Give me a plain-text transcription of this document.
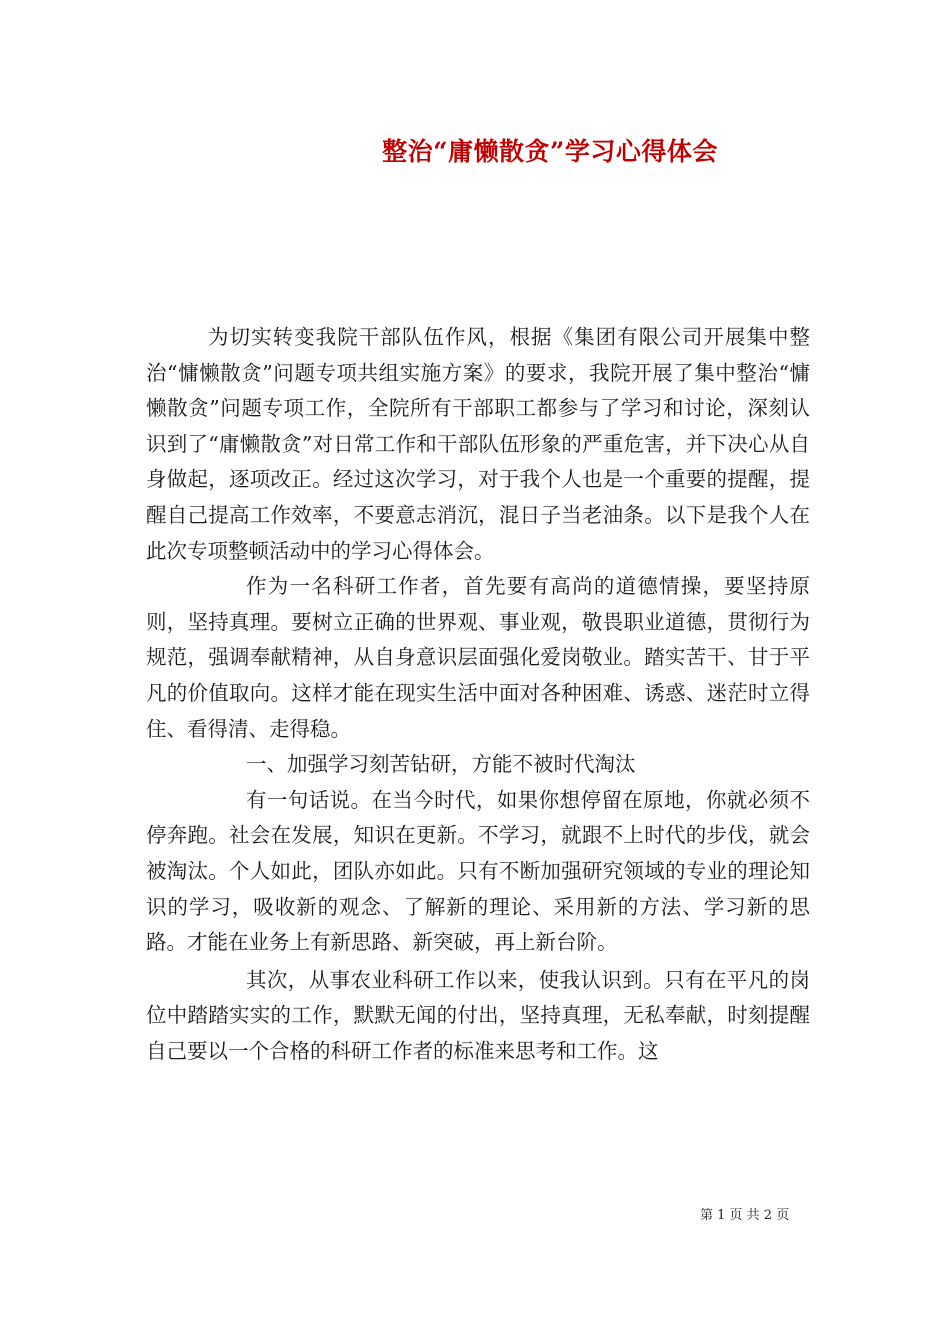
整治“庸懒散贪”学习心得体会

为切实转变我院干部队伍作风，根据《集团有限公司开展集中整治“慵懒散贪”问题专项共组实施方案》的要求，我院开展了集中整治“慵懒散贪”问题专项工作，全院所有干部职工都参与了学习和讨论，深刻认识到了“庸懒散贪”对日常工作和干部队伍形象的严重危害，并下决心从自身做起，逐项改正。经过这次学习，对于我个人也是一个重要的提醒，提醒自己提高工作效率，不要意志消沉，混日子当老油条。以下是我个人在此次专项整顿活动中的学习心得体会。

作为一名科研工作者，首先要有高尚的道德情操，要坚持原则，坚持真理。要树立正确的世界观、事业观，敬畏职业道德，贯彻行为规范，强调奉献精神，从自身意识层面强化爱岗敬业。踏实苦干、甘于平凡的价值取向。这样才能在现实生活中面对各种困难、诱惑、迷茫时立得住、看得清、走得稳。

一、加强学习刻苦钻研，方能不被时代淘汰

有一句话说。在当今时代，如果你想停留在原地，你就必须不停奔跑。社会在发展，知识在更新。不学习，就跟不上时代的步伐，就会被淘汰。个人如此，团队亦如此。只有不断加强研究领域的专业的理论知识的学习，吸收新的观念、了解新的理论、采用新的方法、学习新的思路。才能在业务上有新思路、新突破，再上新台阶。

其次，从事农业科研工作以来，使我认识到。只有在平凡的岗位中踏踏实实的工作，默默无闻的付出，坚持真理，无私奉献，时刻提醒自己要以一个合格的科研工作者的标准来思考和工作。这

第 1 页 共 2 页
